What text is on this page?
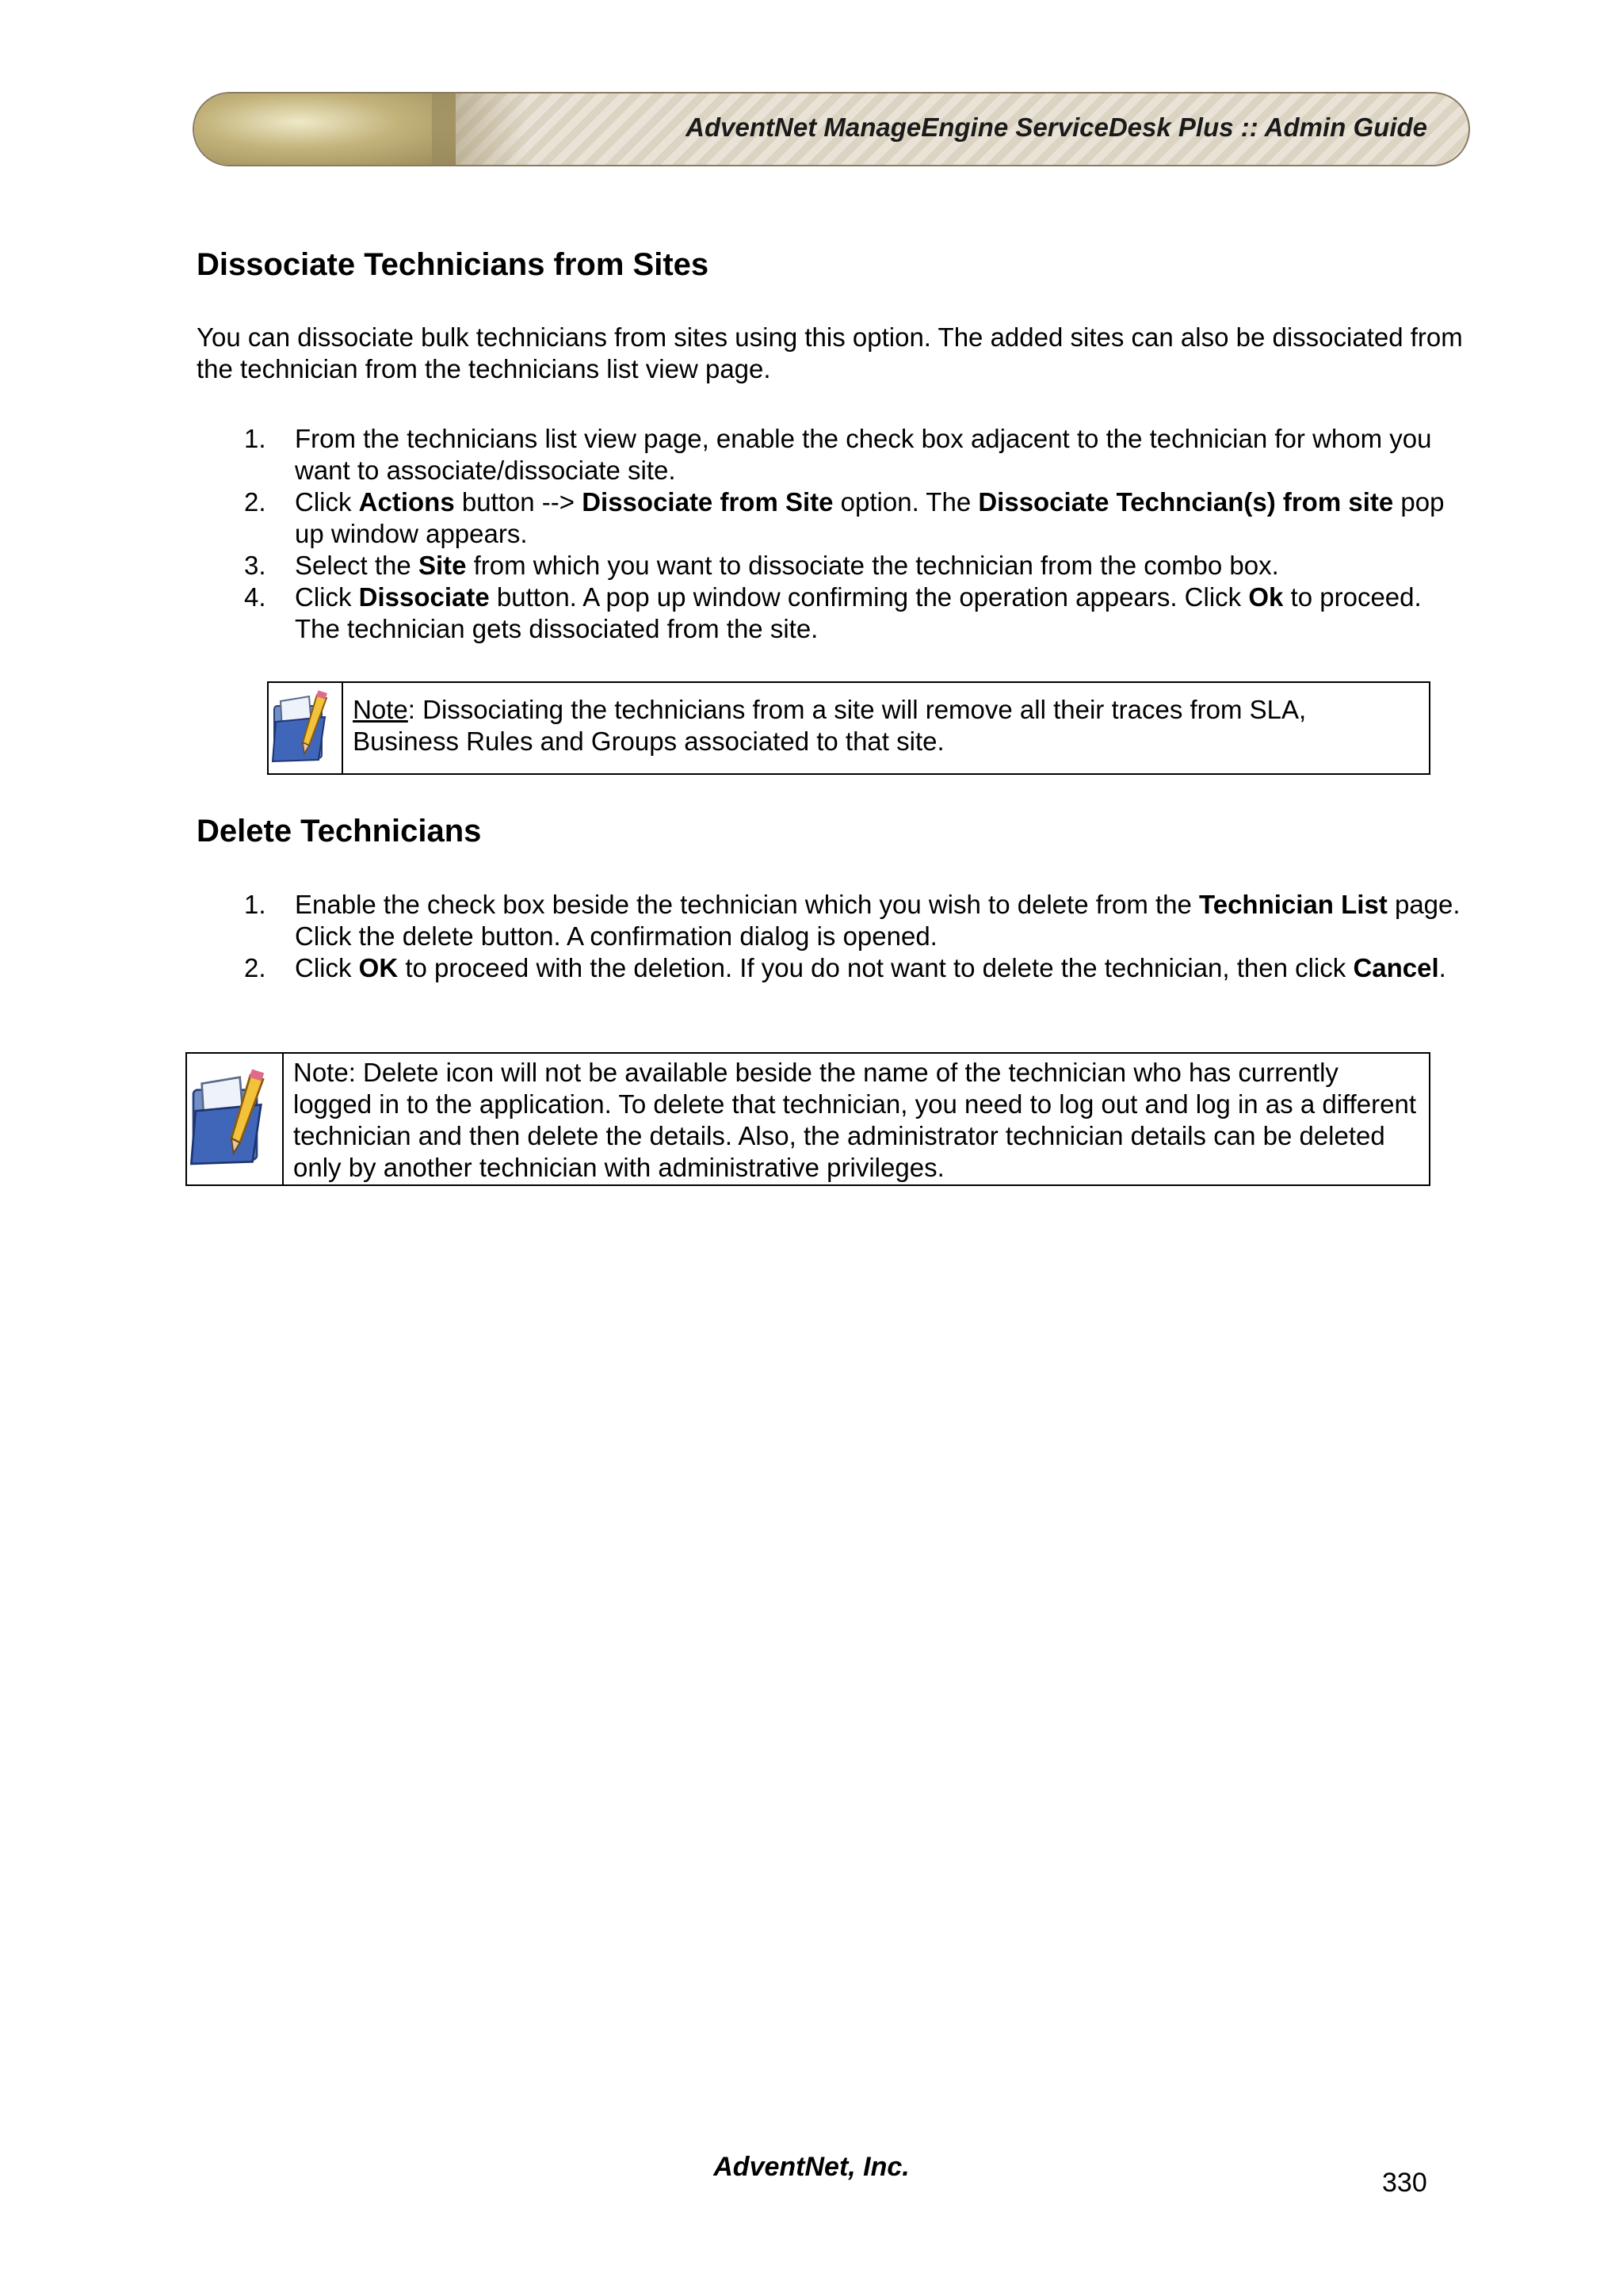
AdventNet ManageEngine ServiceDesk Plus :: Admin Guide
Dissociate Technicians from Sites

You can dissociate bulk technicians from sites using this option. The added sites can also be dissociated from the technician from the technicians list view page.

1. From the technicians list view page, enable the check box adjacent to the technician for whom you want to associate/dissociate site.
2. Click Actions button --> Dissociate from Site option. The Dissociate Techncian(s) from site pop up window appears.
3. Select the Site from which you want to dissociate the technician from the combo box.
4. Click Dissociate button. A pop up window confirming the operation appears. Click Ok to proceed. The technician gets dissociated from the site.
Note: Dissociating the technicians from a site will remove all their traces from SLA, Business Rules and Groups associated to that site.
Delete Technicians
1. Enable the check box beside the technician which you wish to delete from the Technician List page. Click the delete button. A confirmation dialog is opened.
2. Click OK to proceed with the deletion. If you do not want to delete the technician, then click Cancel.
Note: Delete icon will not be available beside the name of the technician who has currently logged in to the application. To delete that technician, you need to log out and log in as a different technician and then delete the details. Also, the administrator technician details can be deleted only by another technician with administrative privileges.
AdventNet, Inc.
330
